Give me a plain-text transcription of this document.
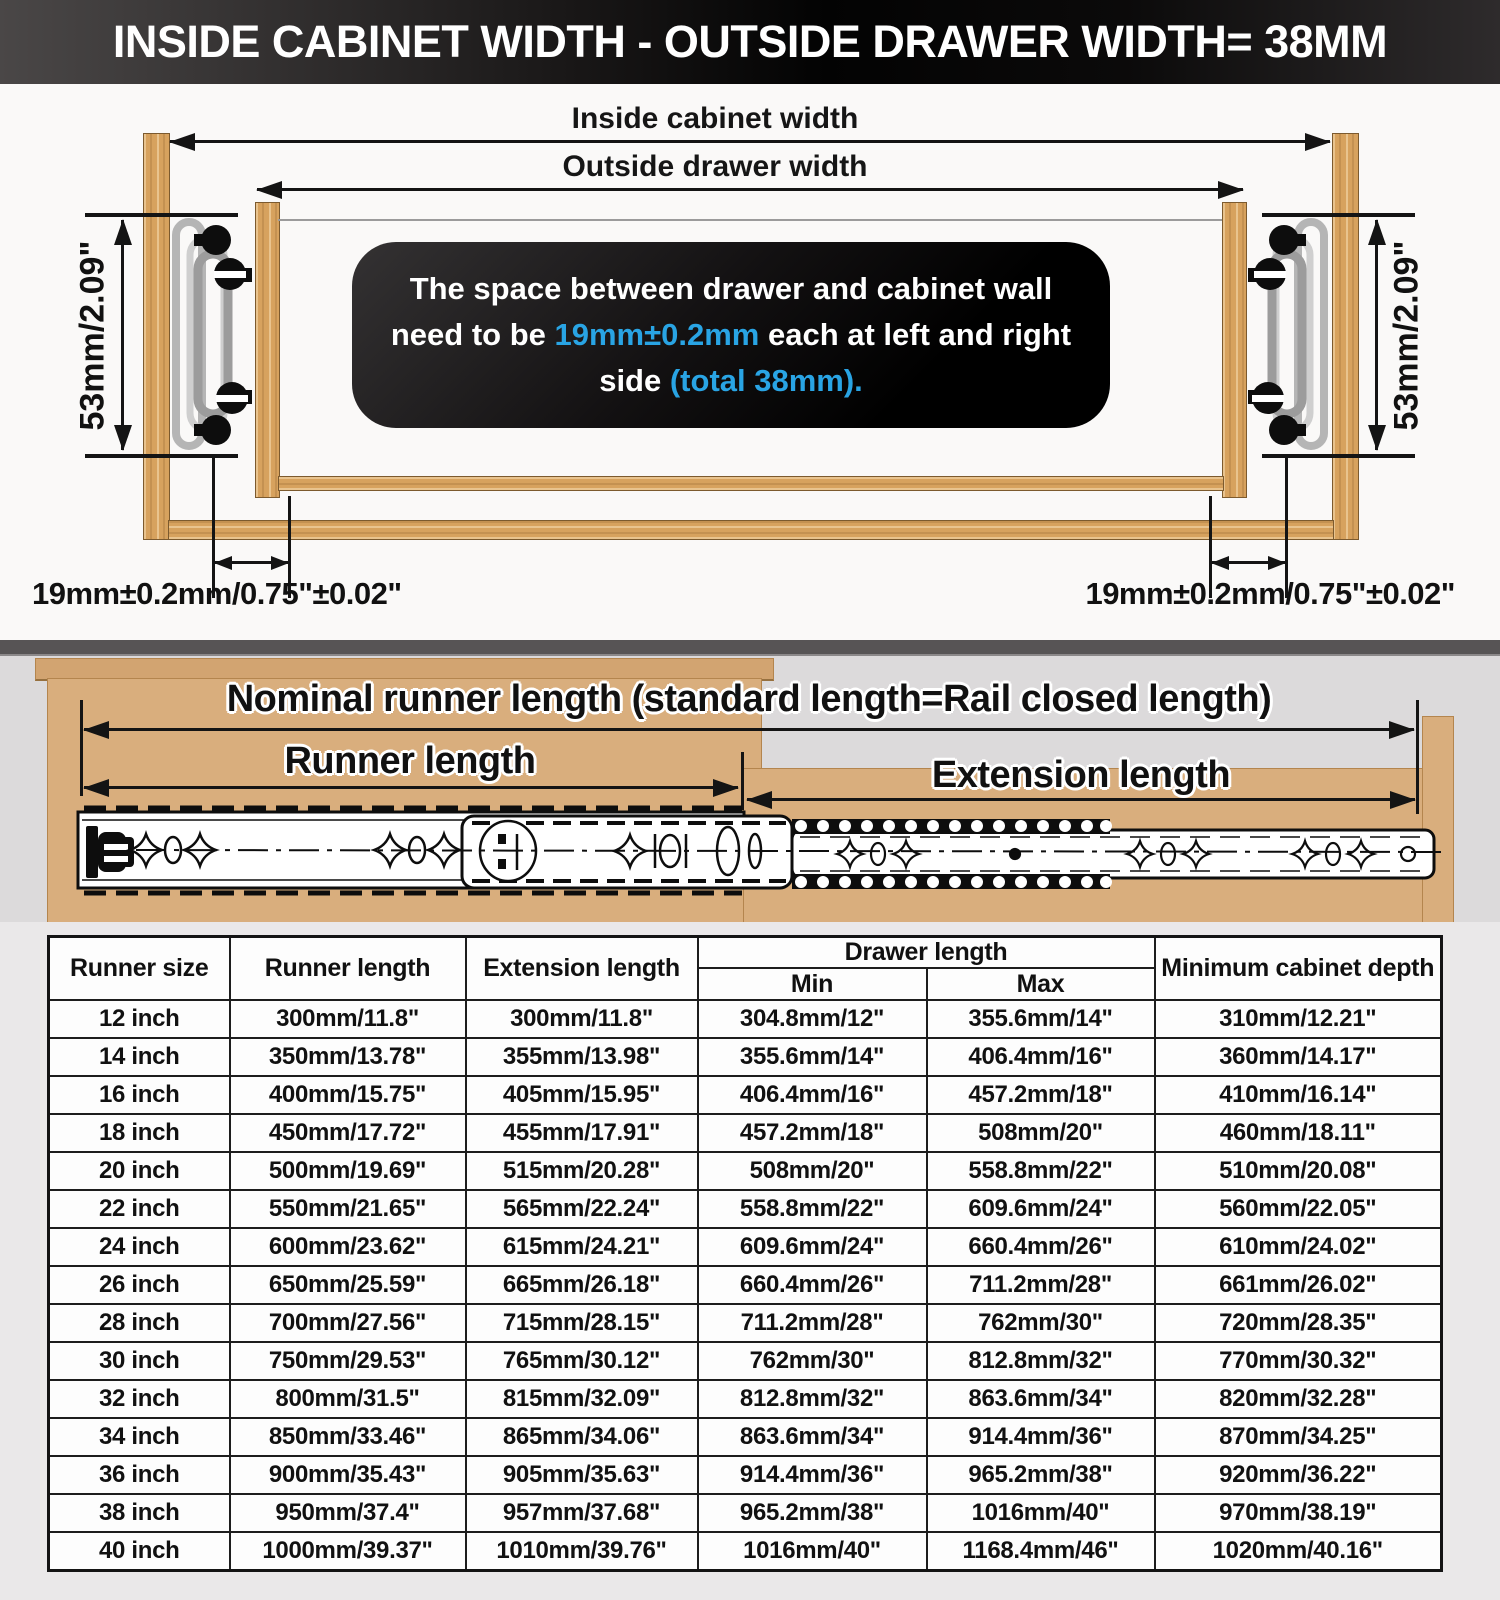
INSIDE CABINET WIDTH - OUTSIDE DRAWER WIDTH= 38MM
Inside cabinet width
Outside drawer width
The space between drawer and cabinet wall
need to be 19mm±0.2mm each at left and right
side (total 38mm).
53mm/2.09"	53mm/2.09"
19mm±0.2mm/0.75"±0.02"	19mm±0.2mm/0.75"±0.02"
Nominal runner length (standard length=Rail closed length)
Runner length	Extension length
Runner size	Runner length	Extension length	Drawer length		Minimum cabinet depth
			Min	Max	
12 inch	300mm/11.8"	300mm/11.8"	304.8mm/12"	355.6mm/14"	310mm/12.21"
14 inch	350mm/13.78"	355mm/13.98"	355.6mm/14"	406.4mm/16"	360mm/14.17"
16 inch	400mm/15.75"	405mm/15.95"	406.4mm/16"	457.2mm/18"	410mm/16.14"
18 inch	450mm/17.72"	455mm/17.91"	457.2mm/18"	508mm/20"	460mm/18.11"
20 inch	500mm/19.69"	515mm/20.28"	508mm/20"	558.8mm/22"	510mm/20.08"
22 inch	550mm/21.65"	565mm/22.24"	558.8mm/22"	609.6mm/24"	560mm/22.05"
24 inch	600mm/23.62"	615mm/24.21"	609.6mm/24"	660.4mm/26"	610mm/24.02"
26 inch	650mm/25.59"	665mm/26.18"	660.4mm/26"	711.2mm/28"	661mm/26.02"
28 inch	700mm/27.56"	715mm/28.15"	711.2mm/28"	762mm/30"	720mm/28.35"
30 inch	750mm/29.53"	765mm/30.12"	762mm/30"	812.8mm/32"	770mm/30.32"
32 inch	800mm/31.5"	815mm/32.09"	812.8mm/32"	863.6mm/34"	820mm/32.28"
34 inch	850mm/33.46"	865mm/34.06"	863.6mm/34"	914.4mm/36"	870mm/34.25"
36 inch	900mm/35.43"	905mm/35.63"	914.4mm/36"	965.2mm/38"	920mm/36.22"
38 inch	950mm/37.4"	957mm/37.68"	965.2mm/38"	1016mm/40"	970mm/38.19"
40 inch	1000mm/39.37"	1010mm/39.76"	1016mm/40"	1168.4mm/46"	1020mm/40.16"
